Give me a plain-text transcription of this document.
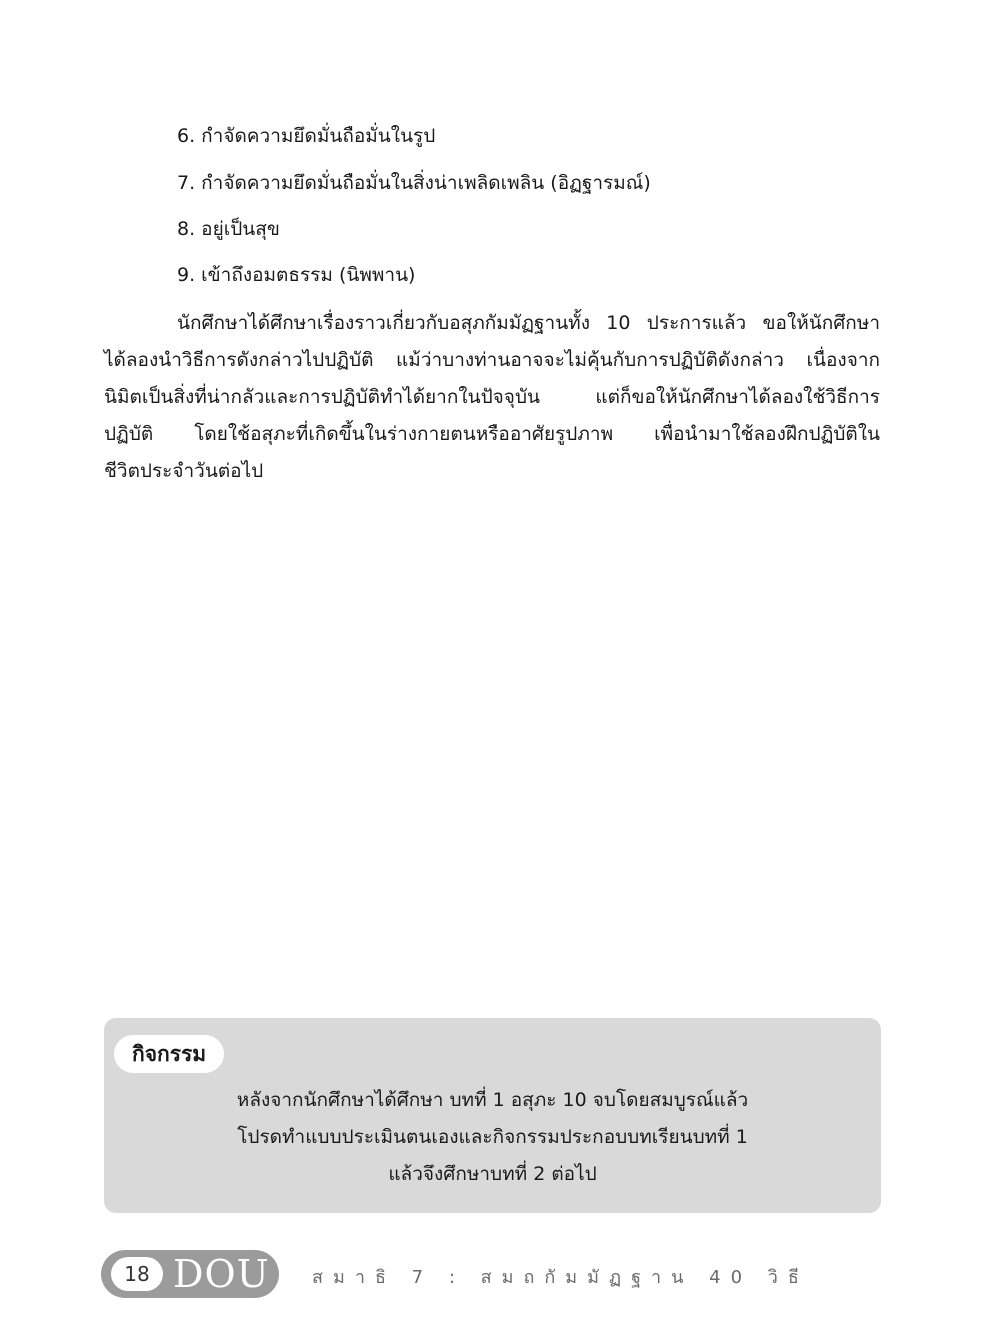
6. กำจัดความยึดมั่นถือมั่นในรูป
7. กำจัดความยึดมั่นถือมั่นในสิ่งน่าเพลิดเพลิน (อิฏฐารมณ์)
8. อยู่เป็นสุข
9. เข้าถึงอมตธรรม (นิพพาน)
นักศึกษาได้ศึกษาเรื่องราวเกี่ยวกับอสุภกัมมัฏฐานทั้ง 10 ประการแล้ว ขอให้นักศึกษา
ได้ลองนำวิธีการดังกล่าวไปปฏิบัติ แม้ว่าบางท่านอาจจะไม่คุ้นกับการปฏิบัติดังกล่าว เนื่องจาก
นิมิตเป็นสิ่งที่น่ากลัวและการปฏิบัติทำได้ยากในปัจจุบัน แต่ก็ขอให้นักศึกษาได้ลองใช้วิธีการ
ปฏิบัติ โดยใช้อสุภะที่เกิดขึ้นในร่างกายตนหรืออาศัยรูปภาพ เพื่อนำมาใช้ลองฝึกปฏิบัติใน
ชีวิตประจำวันต่อไป
กิจกรรม
หลังจากนักศึกษาได้ศึกษา บทที่ 1 อสุภะ 10 จบโดยสมบูรณ์แล้ว
โปรดทำแบบประเมินตนเองและกิจกรรมประกอบบทเรียนบทที่ 1
แล้วจึงศึกษาบทที่ 2 ต่อไป
18 DOU สมาธิ 7 : สมถกัมมัฏฐาน 40 วิธี
